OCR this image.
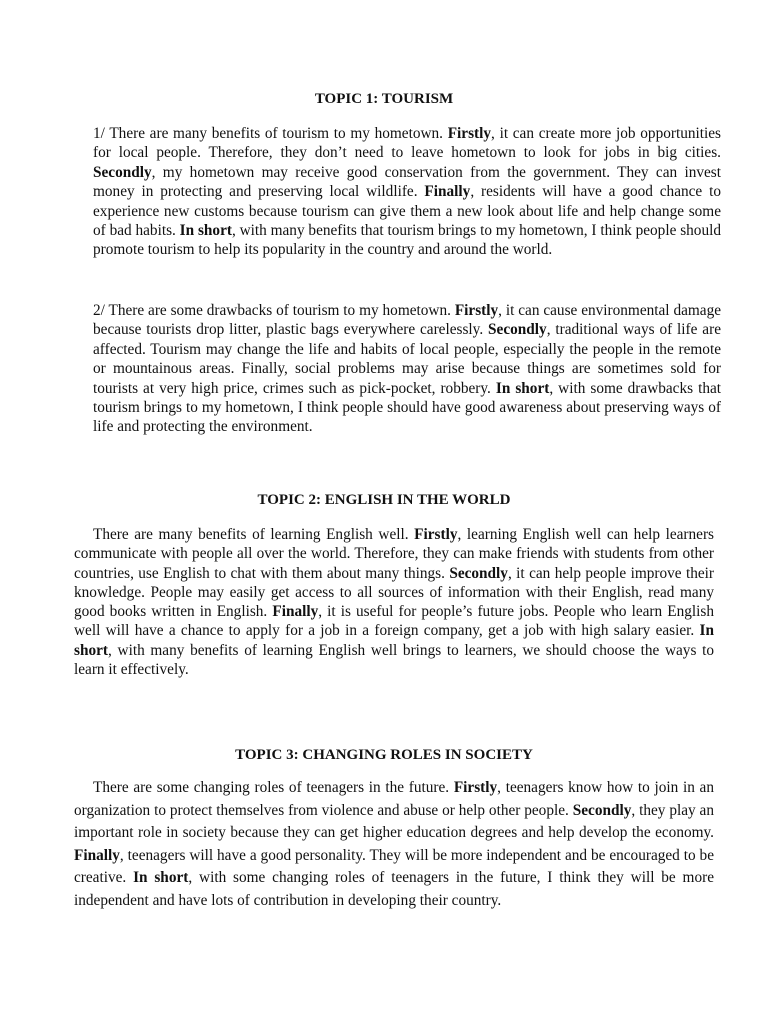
TOPIC 1: TOURISM

1/ There are many benefits of tourism to my hometown. Firstly, it can create more job opportunities for local people. Therefore, they don’t need to leave hometown to look for jobs in big cities. Secondly, my hometown may receive good conservation from the government. They can invest money in protecting and preserving local wildlife. Finally, residents will have a good chance to experience new customs because tourism can give them a new look about life and help change some of bad habits. In short, with many benefits that tourism brings to my hometown, I think people should promote tourism to help its popularity in the country and around the world.

2/ There are some drawbacks of tourism to my hometown. Firstly, it can cause environmental damage because tourists drop litter, plastic bags everywhere carelessly. Secondly, traditional ways of life are affected. Tourism may change the life and habits of local people, especially the people in the remote or mountainous areas. Finally, social problems may arise because things are sometimes sold for tourists at very high price, crimes such as pick-pocket, robbery. In short, with some drawbacks that tourism brings to my hometown, I think people should have good awareness about preserving ways of life and protecting the environment.

TOPIC 2: ENGLISH IN THE WORLD

There are many benefits of learning English well. Firstly, learning English well can help learners communicate with people all over the world. Therefore, they can make friends with students from other countries, use English to chat with them about many things. Secondly, it can help people improve their knowledge. People may easily get access to all sources of information with their English, read many good books written in English. Finally, it is useful for people’s future jobs. People who learn English well will have a chance to apply for a job in a foreign company, get a job with high salary easier. In short, with many benefits of learning English well brings to learners, we should choose the ways to learn it effectively.

TOPIC 3: CHANGING ROLES IN SOCIETY

There are some changing roles of teenagers in the future. Firstly, teenagers know how to join in an organization to protect themselves from violence and abuse or help other people. Secondly, they play an important role in society because they can get higher education degrees and help develop the economy. Finally, teenagers will have a good personality. They will be more independent and be encouraged to be creative. In short, with some changing roles of teenagers in the future, I think they will be more independent and have lots of contribution in developing their country.
